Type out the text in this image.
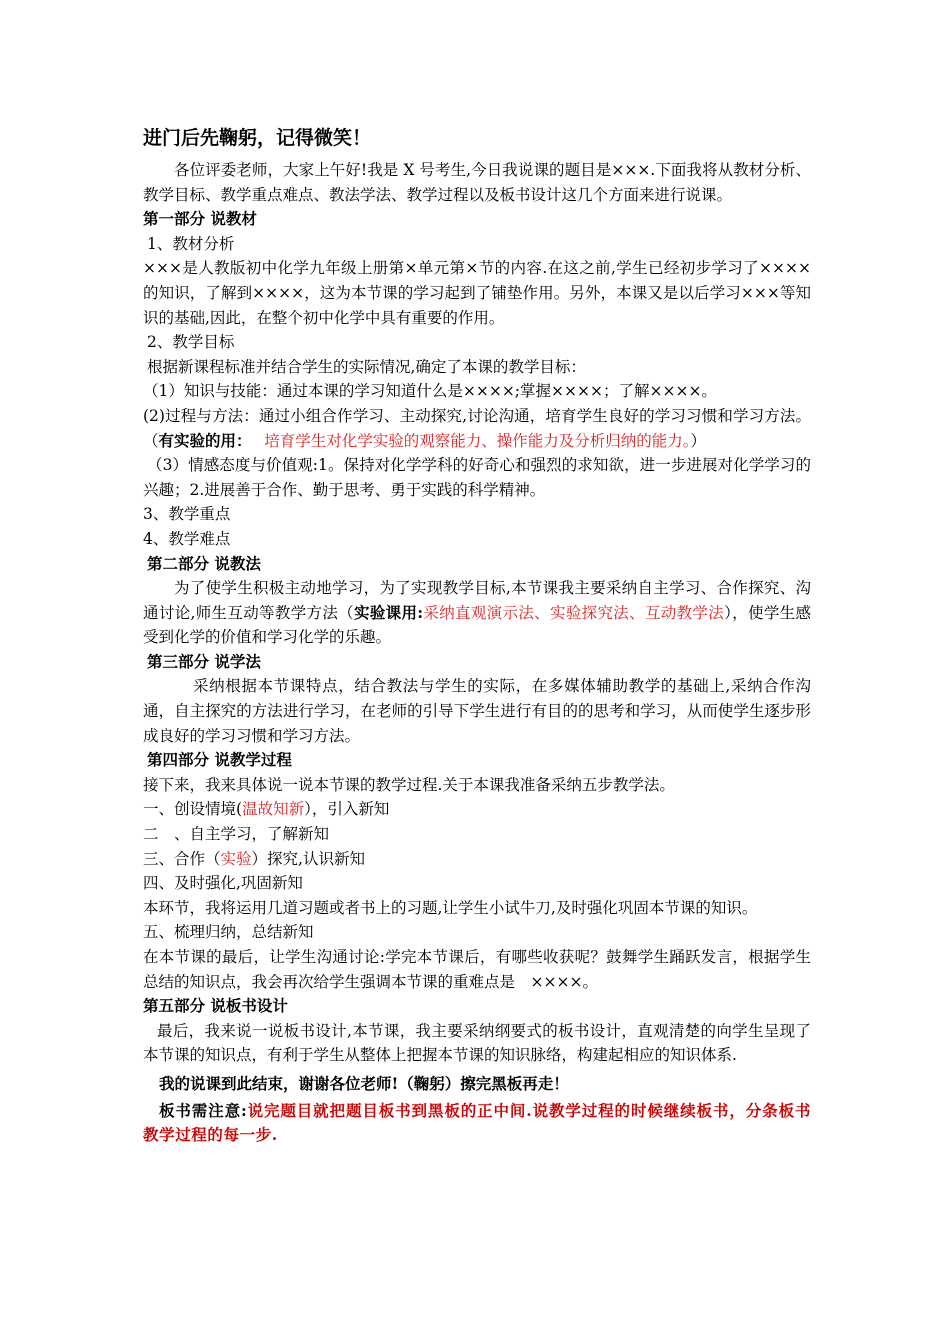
进门后先鞠躬，记得微笑！

各位评委老师，大家上午好!我是 X 号考生,今日我说课的题目是×××.下面我将从教材分析、教学目标、教学重点难点、教法学法、教学过程以及板书设计这几个方面来进行说课。

第一部分 说教材

1、教材分析

×××是人教版初中化学九年级上册第×单元第×节的内容.在这之前,学生已经初步学习了××××的知识，了解到××××，这为本节课的学习起到了铺垫作用。另外，本课又是以后学习×××等知识的基础,因此，在整个初中化学中具有重要的作用。

2、教学目标

根据新课程标准并结合学生的实际情况,确定了本课的教学目标：

（1）知识与技能：通过本课的学习知道什么是××××;掌握××××；了解××××。

(2)过程与方法：通过小组合作学习、主动探究,讨论沟通，培育学生良好的学习习惯和学习方法。（有实验的用：　 培育学生对化学实验的观察能力、操作能力及分析归纳的能力。）

（3）情感态度与价值观:1。保持对化学学科的好奇心和强烈的求知欲，进一步进展对化学学习的兴趣；2.进展善于合作、勤于思考、勇于实践的科学精神。

3、教学重点

4、教学难点

第二部分 说教法

为了使学生积极主动地学习，为了实现教学目标,本节课我主要采纳自主学习、合作探究、沟通讨论,师生互动等教学方法（实验课用:采纳直观演示法、实验探究法、互动教学法），使学生感受到化学的价值和学习化学的乐趣。

第三部分 说学法

采纳根据本节课特点，结合教法与学生的实际，在多媒体辅助教学的基础上,采纳合作沟通，自主探究的方法进行学习，在老师的引导下学生进行有目的的思考和学习，从而使学生逐步形成良好的学习习惯和学习方法。

第四部分 说教学过程

接下来，我来具体说一说本节课的教学过程.关于本课我准备采纳五步教学法。

一、创设情境(温故知新），引入新知

二　、自主学习，了解新知

三、合作（实验）探究,认识新知

四、及时强化,巩固新知

本环节，我将运用几道习题或者书上的习题,让学生小试牛刀,及时强化巩固本节课的知识。

五、梳理归纳，总结新知

在本节课的最后，让学生沟通讨论:学完本节课后，有哪些收获呢？鼓舞学生踊跃发言，根据学生总结的知识点，我会再次给学生强调本节课的重难点是　××××。

第五部分 说板书设计

最后，我来说一说板书设计,本节课，我主要采纳纲要式的板书设计，直观清楚的向学生呈现了本节课的知识点，有利于学生从整体上把握本节课的知识脉络，构建起相应的知识体系.

我的说课到此结束，谢谢各位老师!（鞠躬）擦完黑板再走！

板书需注意:说完题目就把题目板书到黑板的正中间.说教学过程的时候继续板书，分条板书教学过程的每一步.
